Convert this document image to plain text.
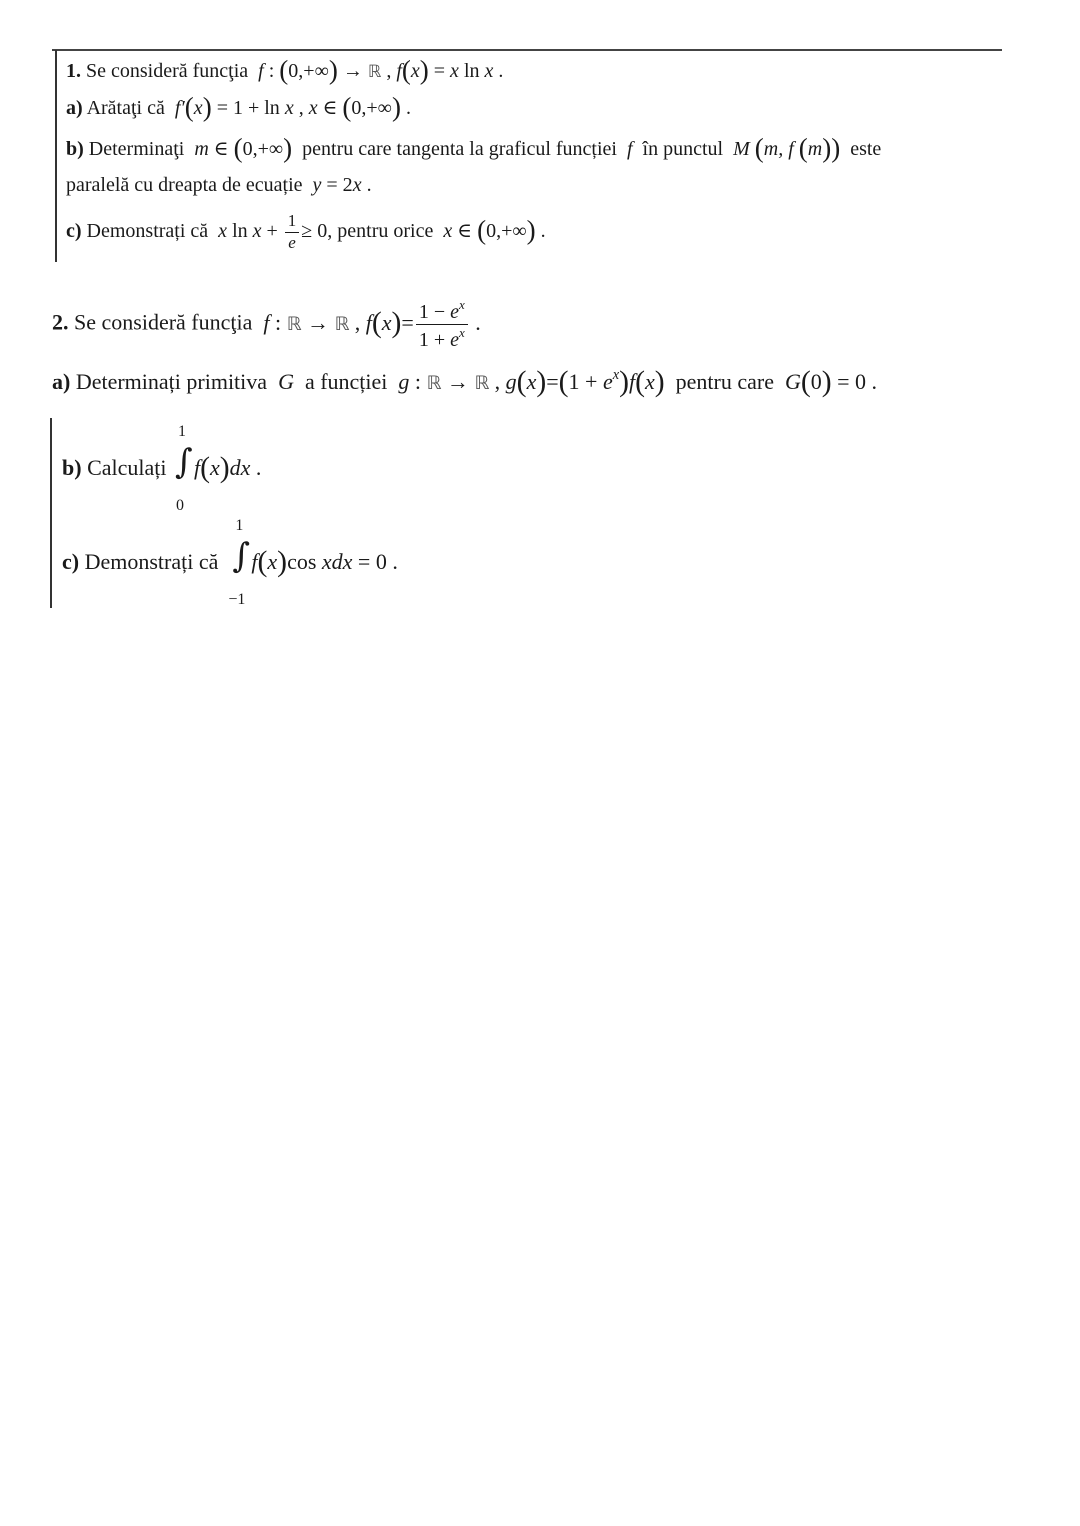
1. Se consideră funcţia f : (0,+∞) → ℝ , f(x) = x ln x .
a) Arătaţi că f′(x) = 1 + ln x , x ∈ (0,+∞) .
b) Determinaţi m ∈ (0,+∞) pentru care tangenta la graficul funcției f în punctul M (m, f (m)) este
paralelă cu dreapta de ecuație y = 2x .
c) Demonstrați că x $\ln x + \frac{1}{e} \ge 0$, pentru orice x ∈ (0,+∞) .
2. Se consideră funcţia f : ℝ → ℝ , $f(x)= \frac{1 - e^x}{1 + e^x}$ .
a) Determinați primitiva G a funcției g : ℝ → ℝ , $g(x)=(1 + e^x)f(x)$ pentru care G(0) = 0 .
b) Calculați ∫
1
0
f(x)dx .
c) Demonstrați că ∫
1
−1
f(x)cos xdx = 0 .
